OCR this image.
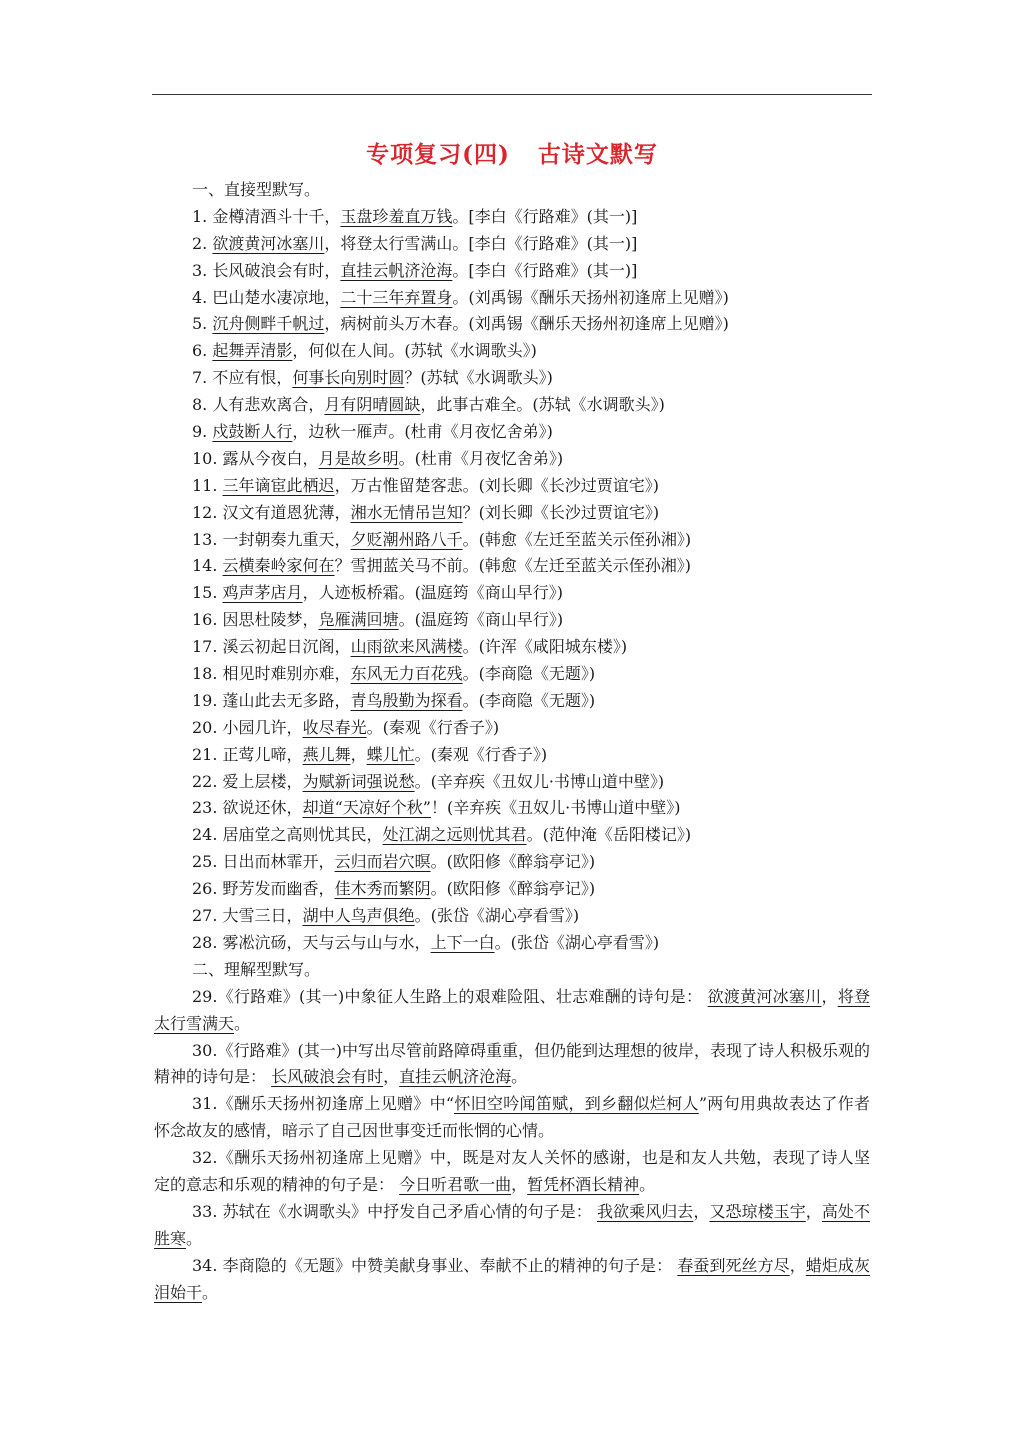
专项复习(四) 古诗文默写
一、直接型默写。
1. 金樽清酒斗十千，玉盘珍羞直万钱。[李白《行路难》(其一)]
2. 欲渡黄河冰塞川，将登太行雪满山。[李白《行路难》(其一)]
3. 长风破浪会有时，直挂云帆济沧海。[李白《行路难》(其一)]
4. 巴山楚水凄凉地，二十三年弃置身。(刘禹锡《酬乐天扬州初逢席上见赠》)
5. 沉舟侧畔千帆过，病树前头万木春。(刘禹锡《酬乐天扬州初逢席上见赠》)
6. 起舞弄清影，何似在人间。(苏轼《水调歌头》)
7. 不应有恨，何事长向别时圆？(苏轼《水调歌头》)
8. 人有悲欢离合，月有阴晴圆缺，此事古难全。(苏轼《水调歌头》)
9. 戍鼓断人行，边秋一雁声。(杜甫《月夜忆舍弟》)
10. 露从今夜白，月是故乡明。(杜甫《月夜忆舍弟》)
11. 三年谪宦此栖迟，万古惟留楚客悲。(刘长卿《长沙过贾谊宅》)
12. 汉文有道恩犹薄，湘水无情吊岂知？(刘长卿《长沙过贾谊宅》)
13. 一封朝奏九重天，夕贬潮州路八千。(韩愈《左迁至蓝关示侄孙湘》)
14. 云横秦岭家何在？雪拥蓝关马不前。(韩愈《左迁至蓝关示侄孙湘》)
15. 鸡声茅店月，人迹板桥霜。(温庭筠《商山早行》)
16. 因思杜陵梦，凫雁满回塘。(温庭筠《商山早行》)
17. 溪云初起日沉阁，山雨欲来风满楼。(许浑《咸阳城东楼》)
18. 相见时难别亦难，东风无力百花残。(李商隐《无题》)
19. 蓬山此去无多路，青鸟殷勤为探看。(李商隐《无题》)
20. 小园几许，收尽春光。(秦观《行香子》)
21. 正莺儿啼，燕儿舞，蝶儿忙。(秦观《行香子》)
22. 爱上层楼，为赋新词强说愁。(辛弃疾《丑奴儿·书博山道中壁》)
23. 欲说还休，却道“天凉好个秋”！(辛弃疾《丑奴儿·书博山道中壁》)
24. 居庙堂之高则忧其民，处江湖之远则忧其君。(范仲淹《岳阳楼记》)
25. 日出而林霏开，云归而岩穴暝。(欧阳修《醉翁亭记》)
26. 野芳发而幽香，佳木秀而繁阴。(欧阳修《醉翁亭记》)
27. 大雪三日，湖中人鸟声俱绝。(张岱《湖心亭看雪》)
28. 雾凇沆砀，天与云与山与水，上下一白。(张岱《湖心亭看雪》)
二、理解型默写。
29.《行路难》(其一)中象征人生路上的艰难险阻、壮志难酬的诗句是： 欲渡黄河冰塞川，将登太行雪满天。
30.《行路难》(其一)中写出尽管前路障碍重重，但仍能到达理想的彼岸，表现了诗人积极乐观的精神的诗句是： 长风破浪会有时，直挂云帆济沧海。
31.《酬乐天扬州初逢席上见赠》中“怀旧空吟闻笛赋，到乡翻似烂柯人”两句用典故表达了作者怀念故友的感情，暗示了自己因世事变迁而怅惘的心情。
32.《酬乐天扬州初逢席上见赠》中，既是对友人关怀的感谢，也是和友人共勉，表现了诗人坚定的意志和乐观的精神的句子是： 今日听君歌一曲，暂凭杯酒长精神。
33. 苏轼在《水调歌头》中抒发自己矛盾心情的句子是： 我欲乘风归去，又恐琼楼玉宇，高处不胜寒。
34. 李商隐的《无题》中赞美献身事业、奉献不止的精神的句子是： 春蚕到死丝方尽，蜡炬成灰泪始干。
